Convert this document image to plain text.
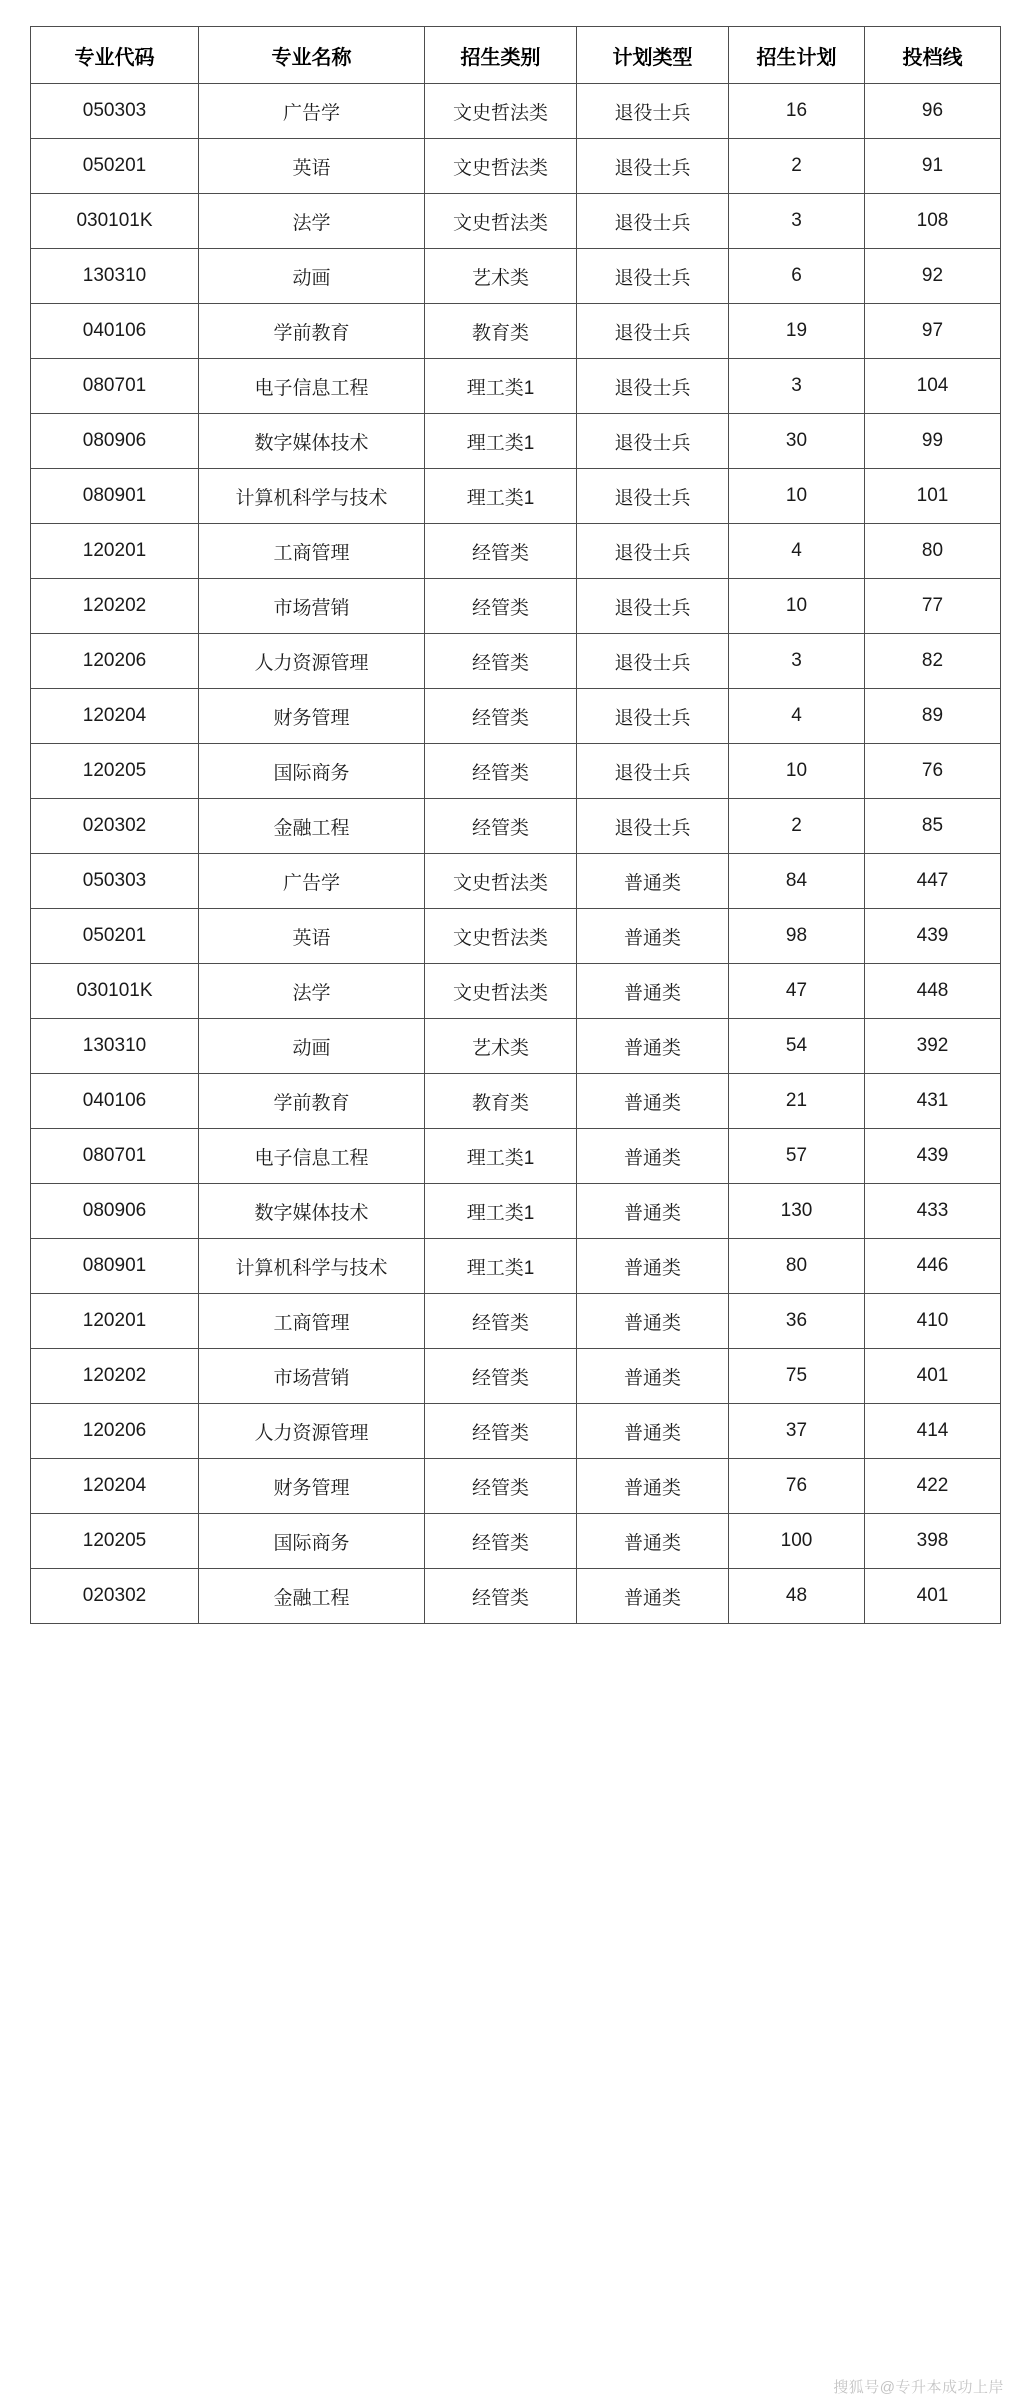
专业代码	专业名称	招生类别	计划类型	招生计划	投档线
050303	广告学	文史哲法类	退役士兵	16	96
050201	英语	文史哲法类	退役士兵	2	91
030101K	法学	文史哲法类	退役士兵	3	108
130310	动画	艺术类	退役士兵	6	92
040106	学前教育	教育类	退役士兵	19	97
080701	电子信息工程	理工类1	退役士兵	3	104
080906	数字媒体技术	理工类1	退役士兵	30	99
080901	计算机科学与技术	理工类1	退役士兵	10	101
120201	工商管理	经管类	退役士兵	4	80
120202	市场营销	经管类	退役士兵	10	77
120206	人力资源管理	经管类	退役士兵	3	82
120204	财务管理	经管类	退役士兵	4	89
120205	国际商务	经管类	退役士兵	10	76
020302	金融工程	经管类	退役士兵	2	85
050303	广告学	文史哲法类	普通类	84	447
050201	英语	文史哲法类	普通类	98	439
030101K	法学	文史哲法类	普通类	47	448
130310	动画	艺术类	普通类	54	392
040106	学前教育	教育类	普通类	21	431
080701	电子信息工程	理工类1	普通类	57	439
080906	数字媒体技术	理工类1	普通类	130	433
080901	计算机科学与技术	理工类1	普通类	80	446
120201	工商管理	经管类	普通类	36	410
120202	市场营销	经管类	普通类	75	401
120206	人力资源管理	经管类	普通类	37	414
120204	财务管理	经管类	普通类	76	422
120205	国际商务	经管类	普通类	100	398
020302	金融工程	经管类	普通类	48	401
搜狐号@专升本成功上岸
